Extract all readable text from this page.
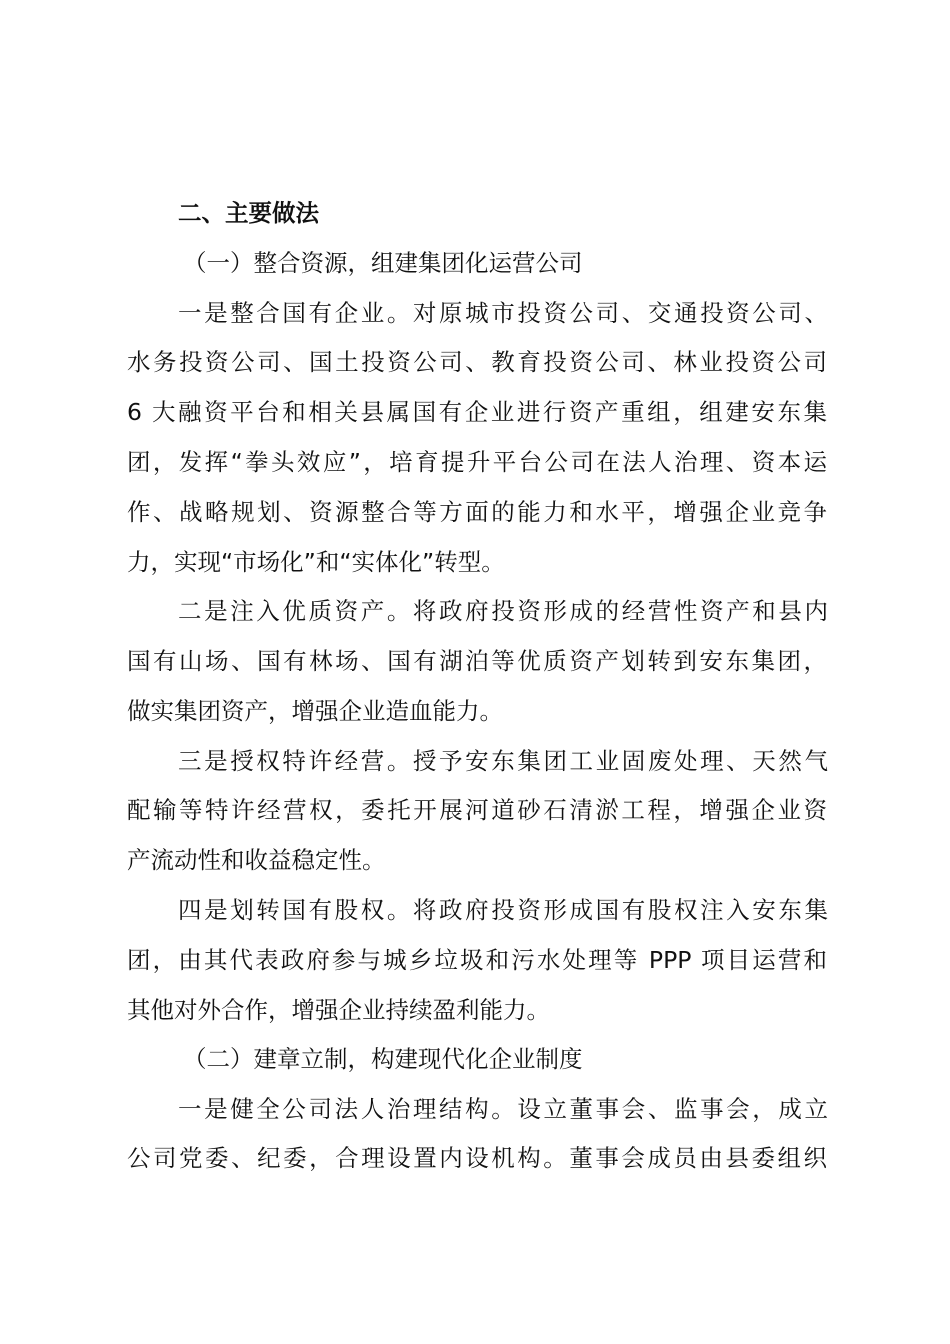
二、主要做法
（一）整合资源，组建集团化运营公司
一是整合国有企业。对原城市投资公司、交通投资公司、
水务投资公司、国土投资公司、教育投资公司、林业投资公司
6 大融资平台和相关县属国有企业进行资产重组，组建安东集
团，发挥“拳头效应”，培育提升平台公司在法人治理、资本运
作、战略规划、资源整合等方面的能力和水平，增强企业竞争
力，实现“市场化”和“实体化”转型。
二是注入优质资产。将政府投资形成的经营性资产和县内
国有山场、国有林场、国有湖泊等优质资产划转到安东集团，
做实集团资产，增强企业造血能力。
三是授权特许经营。授予安东集团工业固废处理、天然气
配输等特许经营权，委托开展河道砂石清淤工程，增强企业资
产流动性和收益稳定性。
四是划转国有股权。将政府投资形成国有股权注入安东集
团，由其代表政府参与城乡垃圾和污水处理等 PPP 项目运营和
其他对外合作，增强企业持续盈利能力。
（二）建章立制，构建现代化企业制度
一是健全公司法人治理结构。设立董事会、监事会，成立
公司党委、纪委，合理设置内设机构。董事会成员由县委组织
